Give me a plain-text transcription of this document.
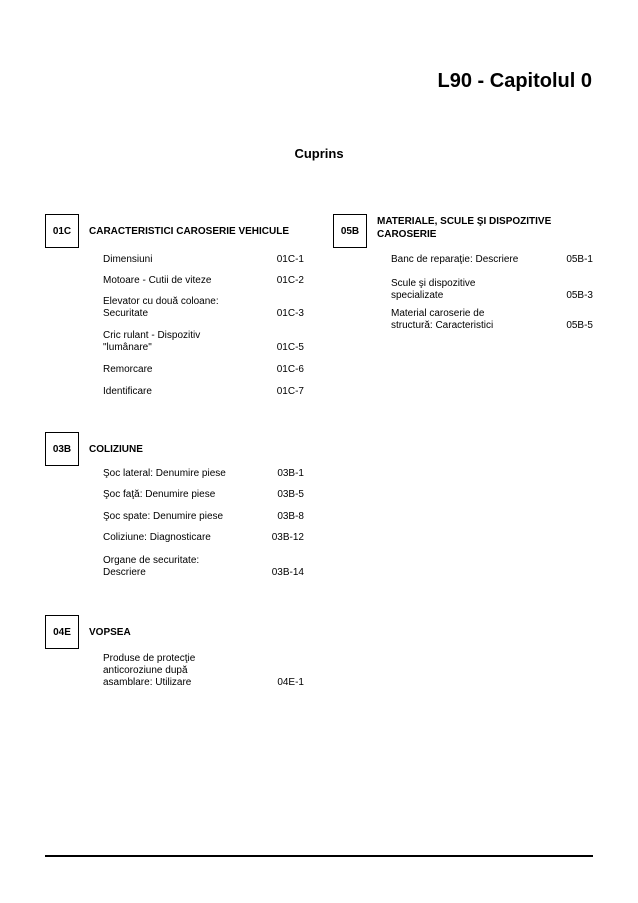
L90 - Capitolul 0
Cuprins
01C	CARACTERISTICI CAROSERIE VEHICULE
Dimensiuni	01C-1
Motoare - Cutii de viteze	01C-2
Elevator cu două coloane:
Securitate	01C-3
Cric rulant - Dispozitiv
"lumânare"	01C-5
Remorcare	01C-6
Identificare	01C-7
03B	COLIZIUNE
Şoc lateral: Denumire piese	03B-1
Şoc faţă: Denumire piese	03B-5
Şoc spate: Denumire piese	03B-8
Coliziune: Diagnosticare	03B-12
Organe de securitate:
Descriere	03B-14
04E	VOPSEA
Produse de protecţie
anticoroziune după
asamblare: Utilizare	04E-1
05B
MATERIALE, SCULE ŞI DISPOZITIVE
CAROSERIE
Banc de reparaţie: Descriere	05B-1
Scule şi dispozitive
specializate	05B-3
Material caroserie de
structură: Caracteristici	05B-5
